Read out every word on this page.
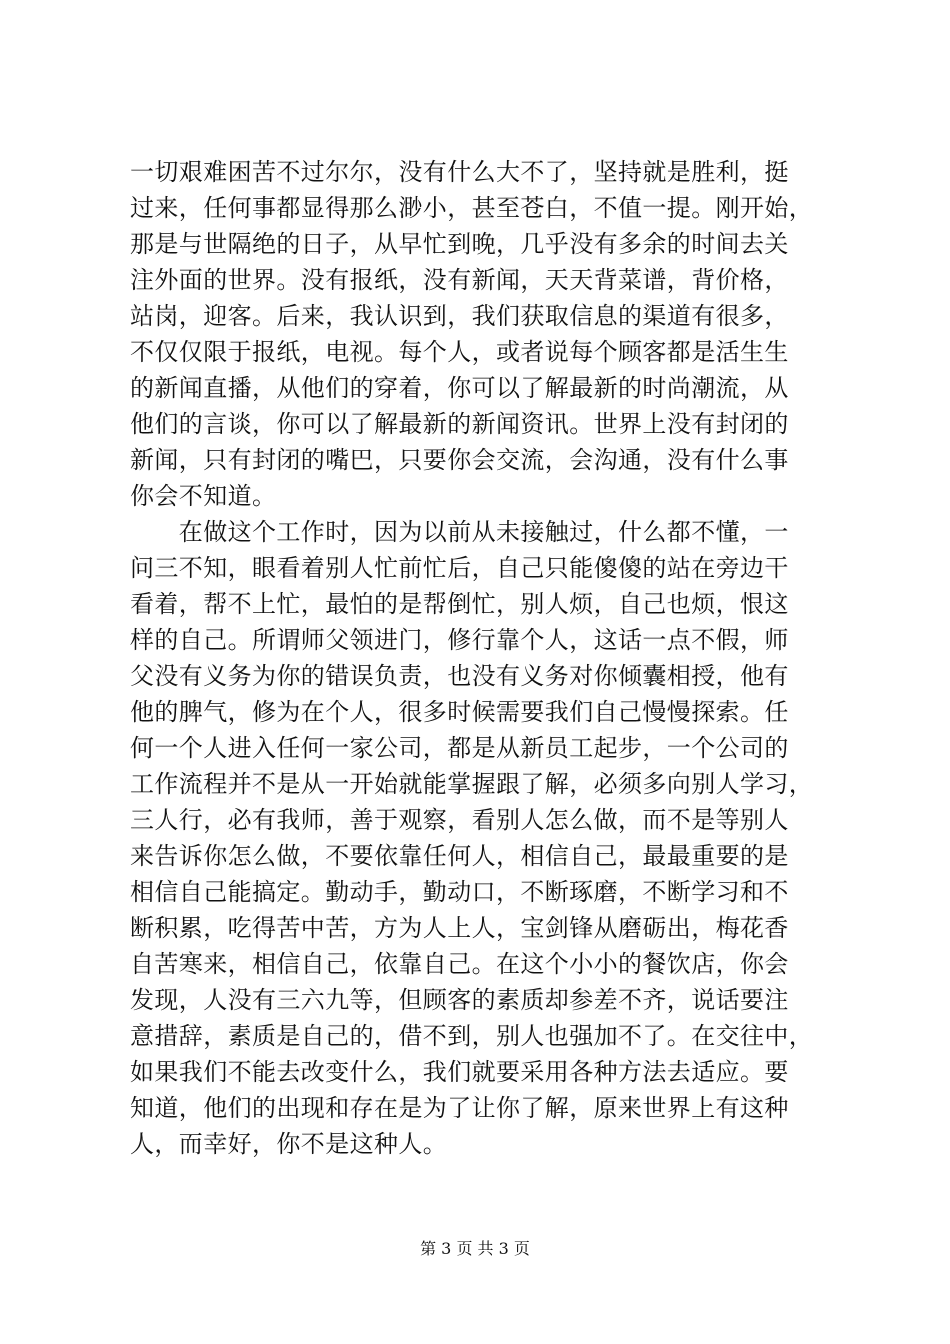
一切艰难困苦不过尔尔，没有什么大不了，坚持就是胜利，挺
过来，任何事都显得那么渺小，甚至苍白，不值一提。刚开始，
那是与世隔绝的日子，从早忙到晚，几乎没有多余的时间去关
注外面的世界。没有报纸，没有新闻，天天背菜谱，背价格，
站岗，迎客。后来，我认识到，我们获取信息的渠道有很多，
不仅仅限于报纸，电视。每个人，或者说每个顾客都是活生生
的新闻直播，从他们的穿着，你可以了解最新的时尚潮流，从
他们的言谈，你可以了解最新的新闻资讯。世界上没有封闭的
新闻，只有封闭的嘴巴，只要你会交流，会沟通，没有什么事
你会不知道。
　　在做这个工作时，因为以前从未接触过，什么都不懂，一
问三不知，眼看着别人忙前忙后，自己只能傻傻的站在旁边干
看着，帮不上忙，最怕的是帮倒忙，别人烦，自己也烦，恨这
样的自己。所谓师父领进门，修行靠个人，这话一点不假，师
父没有义务为你的错误负责，也没有义务对你倾囊相授，他有
他的脾气，修为在个人，很多时候需要我们自己慢慢探索。任
何一个人进入任何一家公司，都是从新员工起步，一个公司的
工作流程并不是从一开始就能掌握跟了解，必须多向别人学习，
三人行，必有我师，善于观察，看别人怎么做，而不是等别人
来告诉你怎么做，不要依靠任何人，相信自己，最最重要的是
相信自己能搞定。勤动手，勤动口，不断琢磨，不断学习和不
断积累，吃得苦中苦，方为人上人，宝剑锋从磨砺出，梅花香
自苦寒来，相信自己，依靠自己。在这个小小的餐饮店，你会
发现，人没有三六九等，但顾客的素质却参差不齐，说话要注
意措辞，素质是自己的，借不到，别人也强加不了。在交往中，
如果我们不能去改变什么，我们就要采用各种方法去适应。要
知道，他们的出现和存在是为了让你了解，原来世界上有这种
人，而幸好，你不是这种人。
第 3 页 共 3 页
